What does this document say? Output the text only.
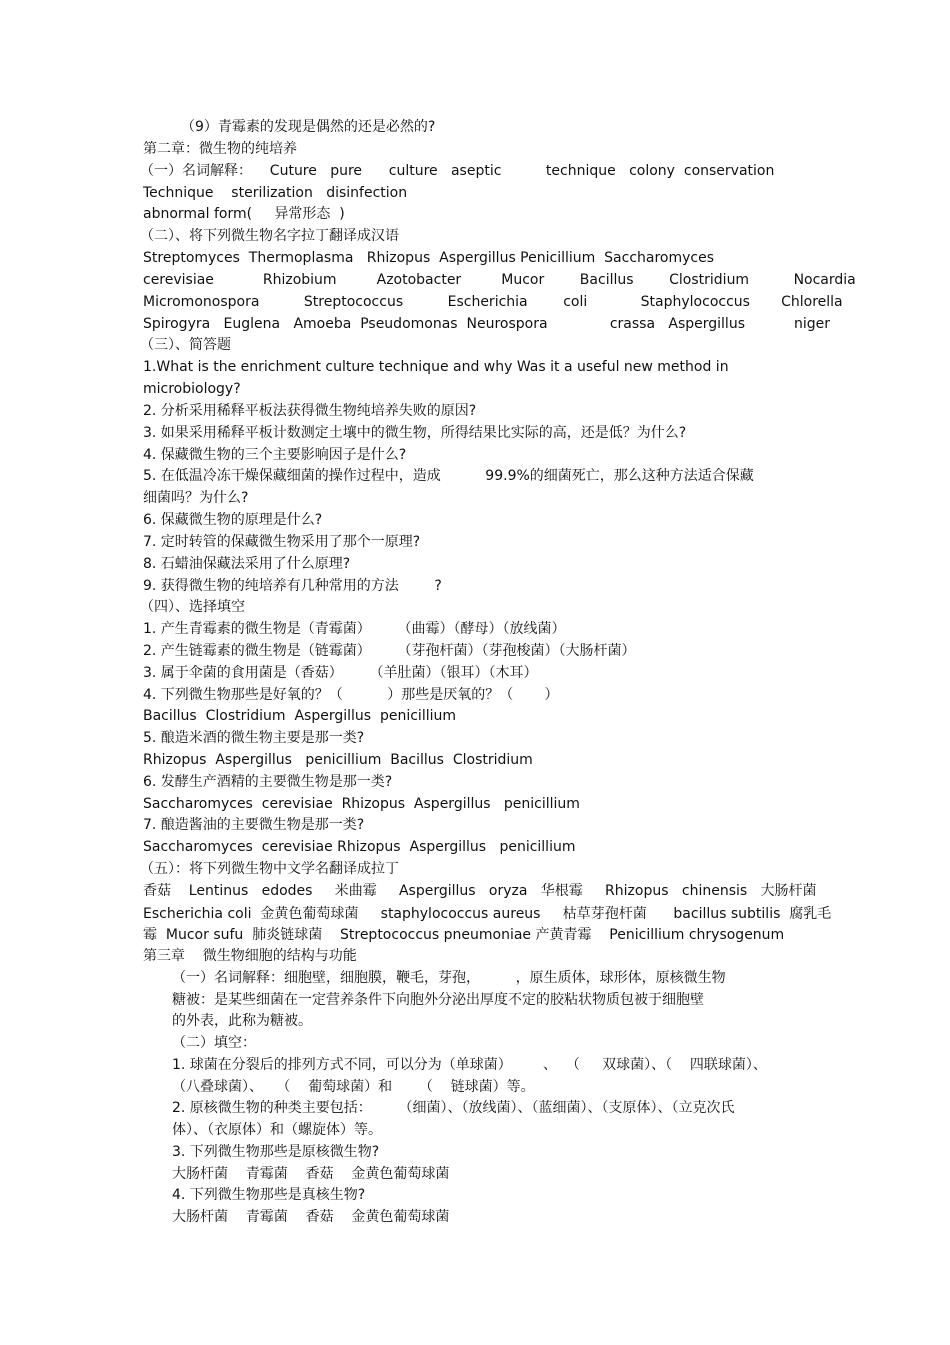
（9）青霉素的发现是偶然的还是必然的?
第二章：微生物的纯培养
（一）名词解释：    Cuture   pure      culture   aseptic          technique   colony  conservation
Technique    sterilization   disinfection
abnormal form(     异常形态  )
（二）、将下列微生物名字拉丁翻译成汉语
Streptomyces  Thermoplasma   Rhizopus  Aspergillus Penicillium  Saccharomyces
cerevisiae           Rhizobium         Azotobacter         Mucor        Bacillus        Clostridium          Nocardia
Micromonospora          Streptococcus          Escherichia        coli            Staphylococcus       Chlorella
Spirogyra   Euglena   Amoeba  Pseudomonas  Neurospora              crassa   Aspergillus           niger
（三）、简答题
1.What is the enrichment culture technique and why Was it a useful new method in
microbiology?
2. 分析采用稀释平板法获得微生物纯培养失败的原因?
3. 如果采用稀释平板计数测定土壤中的微生物，所得结果比实际的高，还是低？为什么?
4. 保藏微生物的三个主要影响因子是什么?
5. 在低温冷冻干燥保藏细菌的操作过程中，造成          99.9%的细菌死亡，那么这种方法适合保藏
细菌吗？为什么?
6. 保藏微生物的原理是什么?
7. 定时转管的保藏微生物采用了那个一原理?
8. 石蜡油保藏法采用了什么原理?
9. 获得微生物的纯培养有几种常用的方法        ?
（四）、选择填空
1. 产生青霉素的微生物是（青霉菌）      （曲霉）（酵母）（放线菌）
2. 产生链霉素的微生物是（链霉菌）      （芽孢杆菌）（芽孢梭菌）（大肠杆菌）
3. 属于伞菌的食用菌是（香菇）      （羊肚菌）（银耳）（木耳）
4. 下列微生物那些是好氧的？（          ）那些是厌氧的？（       ）
Bacillus  Clostridium  Aspergillus  penicillium
5. 酿造米酒的微生物主要是那一类?
Rhizopus  Aspergillus   penicillium  Bacillus  Clostridium
6. 发酵生产酒精的主要微生物是那一类?
Saccharomyces  cerevisiae  Rhizopus  Aspergillus   penicillium
7. 酿造酱油的主要微生物是那一类?
Saccharomyces  cerevisiae Rhizopus  Aspergillus   penicillium
（五）：将下列微生物中文学名翻译成拉丁
香菇    Lentinus   edodes     米曲霉     Aspergillus   oryza   华根霉     Rhizopus   chinensis   大肠杆菌
Escherichia coli  金黄色葡萄球菌     staphylococcus aureus     枯草芽孢杆菌      bacillus subtilis  腐乳毛
霉  Mucor sufu  肺炎链球菌    Streptococcus pneumoniae 产黄青霉    Penicillium chrysogenum
第三章    微生物细胞的结构与功能
（一）名词解释：细胞壁，细胞膜，鞭毛，芽孢，        ，原生质体，球形体，原核微生物
糖被：是某些细菌在一定营养条件下向胞外分泌出厚度不定的胶粘状物质包被于细胞壁
的外表，此称为糖被。
（二）填空：
1. 球菌在分裂后的排列方式不同，可以分为（单球菌）       、  （     双球菌）、（    四联球菌）、
（八叠球菌）、   （    葡萄球菌）和      （    链球菌）等。
2. 原核微生物的种类主要包括：      （细菌）、（放线菌）、（蓝细菌）、（支原体）、（立克次氏
体）、（衣原体）和（螺旋体）等。
3. 下列微生物那些是原核微生物?
大肠杆菌    青霉菌    香菇    金黄色葡萄球菌
4. 下列微生物那些是真核生物?
大肠杆菌    青霉菌    香菇    金黄色葡萄球菌
